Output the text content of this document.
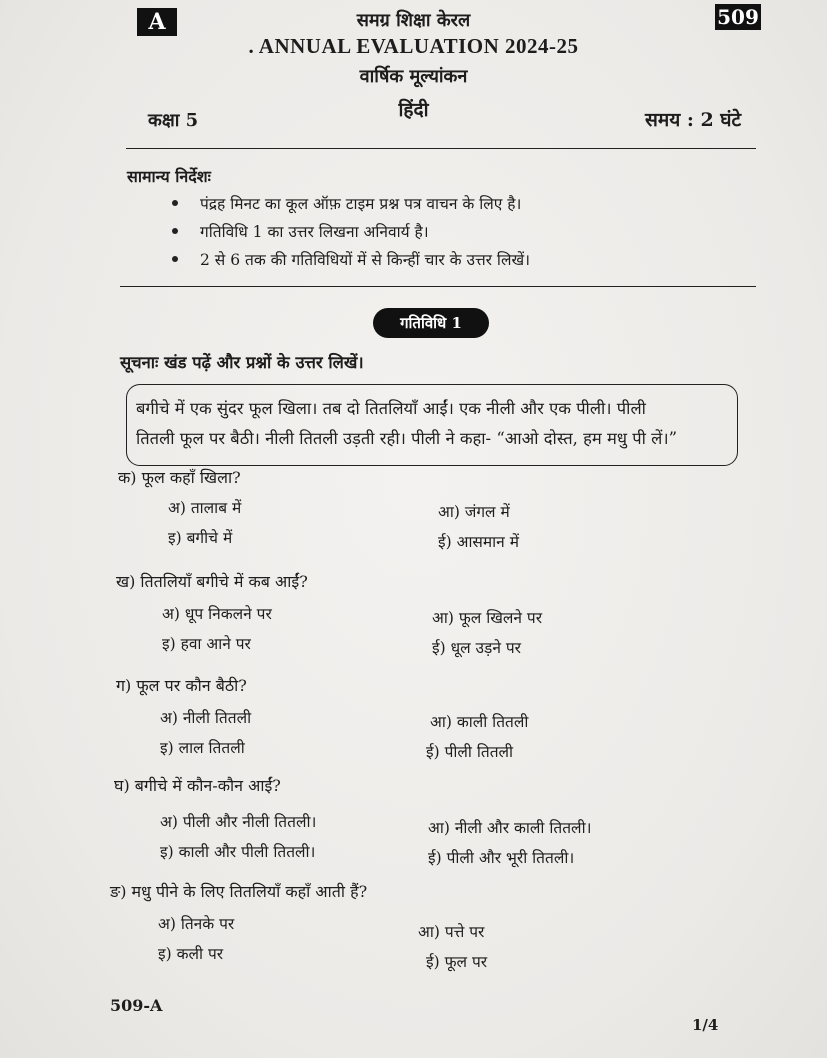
A	509
समग्र शिक्षा केरल
. ANNUAL EVALUATION 2024-25
वार्षिक मूल्यांकन
हिंदी
कक्षा 5	समय : 2 घंटे
सामान्य निर्देशः
पंद्रह मिनट का कूल ऑफ़ टाइम प्रश्न पत्र वाचन के लिए है।
गतिविधि 1 का उत्तर लिखना अनिवार्य है।
2 से 6 तक की गतिविधियों में से किन्हीं चार के उत्तर लिखें।
गतिविधि 1
सूचनाः खंड पढ़ें और प्रश्नों के उत्तर लिखें।
बगीचे में एक सुंदर फूल खिला। तब दो तितलियाँ आईं। एक नीली और एक पीली। पीली
तितली फूल पर बैठी। नीली तितली उड़ती रही। पीली ने कहा- “आओ दोस्त, हम मधु पी लें।”
क) फूल कहाँ खिला?
अ) तालाब में	आ) जंगल में
इ) बगीचे में	ई) आसमान में
ख) तितलियाँ बगीचे में कब आईं?
अ) धूप निकलने पर	आ) फूल खिलने पर
इ) हवा आने पर	ई) धूल उड़ने पर
ग) फूल पर कौन बैठी?
अ) नीली तितली	आ) काली तितली
इ) लाल तितली	ई) पीली तितली
घ) बगीचे में कौन-कौन आईं?
अ) पीली और नीली तितली।	आ) नीली और काली तितली।
इ) काली और पीली तितली।	ई) पीली और भूरी तितली।
ङ) मधु पीने के लिए तितलियाँ कहाँ आती हैं?
अ) तिनके पर	आ) पत्ते पर
इ) कली पर	ई) फूल पर
509-A
1/4
